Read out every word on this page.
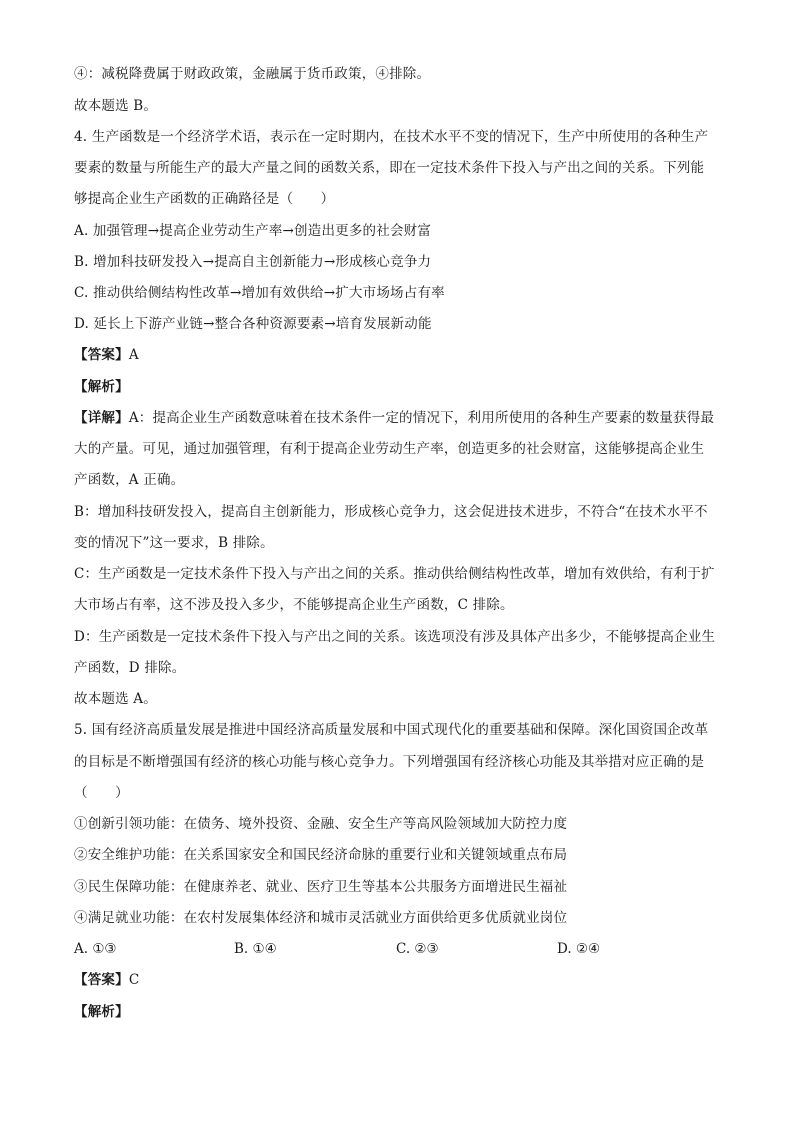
④：减税降费属于财政政策，金融属于货币政策，④排除。
故本题选 B。
4. 生产函数是一个经济学术语，表示在一定时期内，在技术水平不变的情况下，生产中所使用的各种生产
要素的数量与所能生产的最大产量之间的函数关系，即在一定技术条件下投入与产出之间的关系。下列能
够提高企业生产函数的正确路径是（　　）
A. 加强管理→提高企业劳动生产率→创造出更多的社会财富
B. 增加科技研发投入→提高自主创新能力→形成核心竞争力
C. 推动供给侧结构性改革→增加有效供给→扩大市场场占有率
D. 延长上下游产业链→整合各种资源要素→培育发展新动能
【答案】A
【解析】
【详解】A：提高企业生产函数意味着在技术条件一定的情况下，利用所使用的各种生产要素的数量获得最
大的产量。可见，通过加强管理，有利于提高企业劳动生产率，创造更多的社会财富，这能够提高企业生
产函数，A 正确。
B：增加科技研发投入，提高自主创新能力，形成核心竞争力，这会促进技术进步，不符合“在技术水平不
变的情况下”这一要求，B 排除。
C：生产函数是一定技术条件下投入与产出之间的关系。推动供给侧结构性改革，增加有效供给，有利于扩
大市场占有率，这不涉及投入多少，不能够提高企业生产函数，C 排除。
D：生产函数是一定技术条件下投入与产出之间的关系。该选项没有涉及具体产出多少，不能够提高企业生
产函数，D 排除。
故本题选 A。
5. 国有经济高质量发展是推进中国经济高质量发展和中国式现代化的重要基础和保障。深化国资国企改革
的目标是不断增强国有经济的核心功能与核心竞争力。下列增强国有经济核心功能及其举措对应正确的是
（　　）
①创新引领功能：在债务、境外投资、金融、安全生产等高风险领域加大防控力度
②安全维护功能：在关系国家安全和国民经济命脉的重要行业和关键领域重点布局
③民生保障功能：在健康养老、就业、医疗卫生等基本公共服务方面增进民生福祉
④满足就业功能：在农村发展集体经济和城市灵活就业方面供给更多优质就业岗位
A. ①③	B. ①④	C. ②③	D. ②④
【答案】C
【解析】
